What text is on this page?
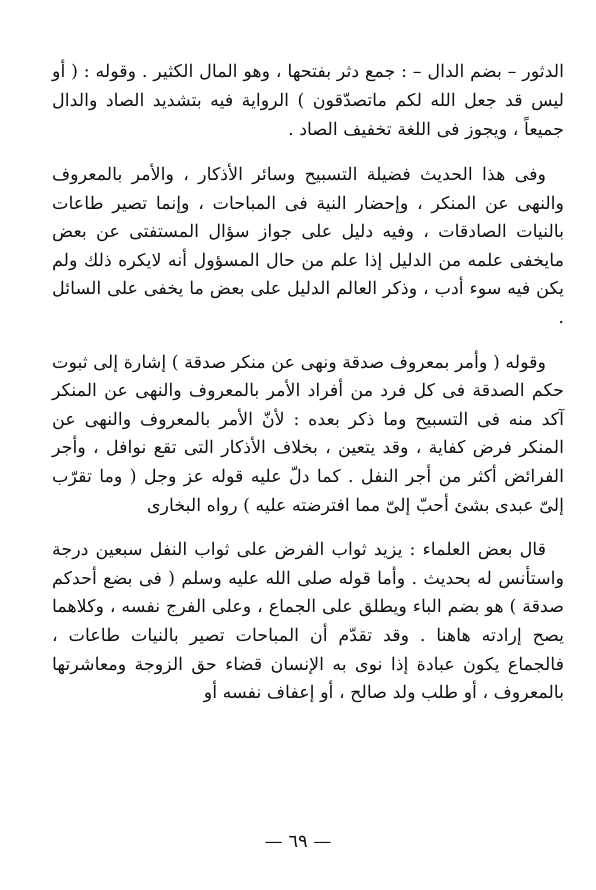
الدثور – بضم الدال – : جمع دثر بفتحها ، وهو المال الكثير . وقوله : ( أو ليس قد جعل الله لكم ماتصدّقون ) الرواية فيه بتشديد الصاد والدال جميعاً ، ويجوز فى اللغة تخفيف الصاد .

وفى هذا الحديث فضيلة التسبيح وسائر الأذكار ، والأمر بالمعروف والنهى عن المنكر ، وإحضار النية فى المباحات ، وإنما تصير طاعات بالنيات الصادقات ، وفيه دليل على جواز سؤال المستفتى عن بعض مايخفى علمه من الدليل إذا علم من حال المسؤول أنه لايكره ذلك ولم يكن فيه سوء أدب ، وذكر العالم الدليل على بعض ما يخفى على السائل .

وقوله ( وأمر بمعروف صدقة ونهى عن منكر صدقة ) إشارة إلى ثبوت حكم الصدقة فى كل فرد من أفراد الأمر بالمعروف والنهى عن المنكر آكد منه فى التسبيح وما ذكر بعده : لأنّ الأمر بالمعروف والنهى عن المنكر فرض كفاية ، وقد يتعين ، بخلاف الأذكار التى تقع نوافل ، وأجر الفرائض أكثر من أجر النفل . كما دلّ عليه قوله عز وجل ( وما تقرّب إلىّ عبدى بشئ أحبّ إلىّ مما افترضته عليه ) رواه البخارى

قال بعض العلماء : يزيد ثواب الفرض على ثواب النفل سبعين درجة واستأنس له بحديث . وأما قوله صلى الله عليه وسلم ( فى بضع أحدكم صدقة ) هو بضم الباء ويطلق على الجماع ، وعلى الفرج نفسه ، وكلاهما يصح إرادته هاهنا . وقد تقدّم أن المباحات تصير بالنيات طاعات ، فالجماع يكون عبادة إذا نوى به الإنسان قضاء حق الزوجة ومعاشرتها بالمعروف ، أو طلب ولد صالح ، أو إعفاف نفسه أو

— ٦٩ —
